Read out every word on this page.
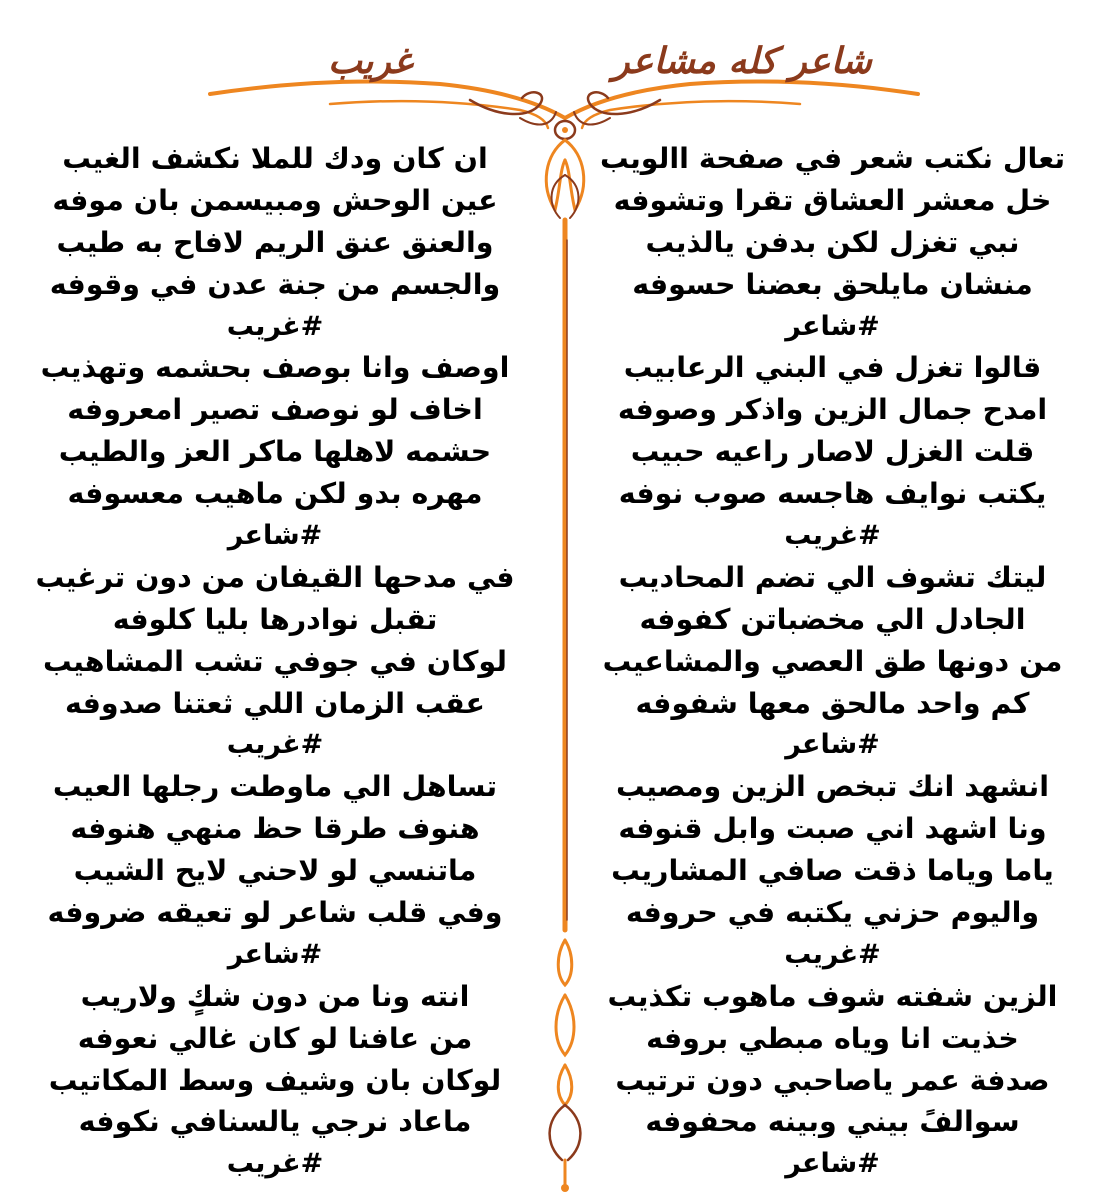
شاعر كله مشاعر
غريب
تعال نكتب شعر في صفحة االويب
خل معشر العشاق تقرا وتشوفه
نبي تغزل لكن بدفن يالذيب
منشان مايلحق بعضنا حسوفه
#شاعر
قالوا تغزل في البني الرعابيب
امدح جمال الزين واذكر وصوفه
قلت الغزل لاصار راعيه حبيب
يكتب نوايف هاجسه صوب نوفه
#غريب
ليتك تشوف الي تضم المحاديب
الجادل الي مخضباتن كفوفه
من دونها طق العصي والمشاعيب
كم واحد مالحق معها شفوفه
#شاعر
انشهد انك تبخص الزين ومصيب
ونا اشهد اني صبت وابل قنوفه
ياما وياما ذقت صافي المشاريب
واليوم حزني يكتبه في حروفه
#غريب
الزين شفته شوف ماهوب تكذيب
خذيت انا وياه مبطي بروفه
صدفة عمر ياصاحبي دون ترتيب
سوالفً بيني وبينه محفوفه
#شاعر
ان كان ودك للملا نكشف الغيب
عين الوحش ومبيسمن بان موفه
والعنق عنق الريم لافاح به طيب
والجسم من جنة عدن في وقوفه
#غريب
اوصف وانا بوصف بحشمه وتهذيب
اخاف لو نوصف تصير امعروفه
حشمه لاهلها ماكر العز والطيب
مهره بدو لكن ماهيب معسوفه
#شاعر
في مدحها القيفان من دون ترغيب
تقبل نوادرها بليا كلوفه
لوكان في جوفي تشب المشاهيب
عقب الزمان اللي ثعتنا صدوفه
#غريب
تساهل الي ماوطت رجلها العيب
هنوف طرقا حظ منهي هنوفه
ماتنسي لو لاحني لايح الشيب
وفي قلب شاعر لو تعيقه ضروفه
#شاعر
انته ونا من دون شكٍ ولاريب
من عافنا لو كان غالي نعوفه
لوكان بان وشيف وسط المكاتيب
ماعاد نرجي يالسنافي نكوفه
#غريب
